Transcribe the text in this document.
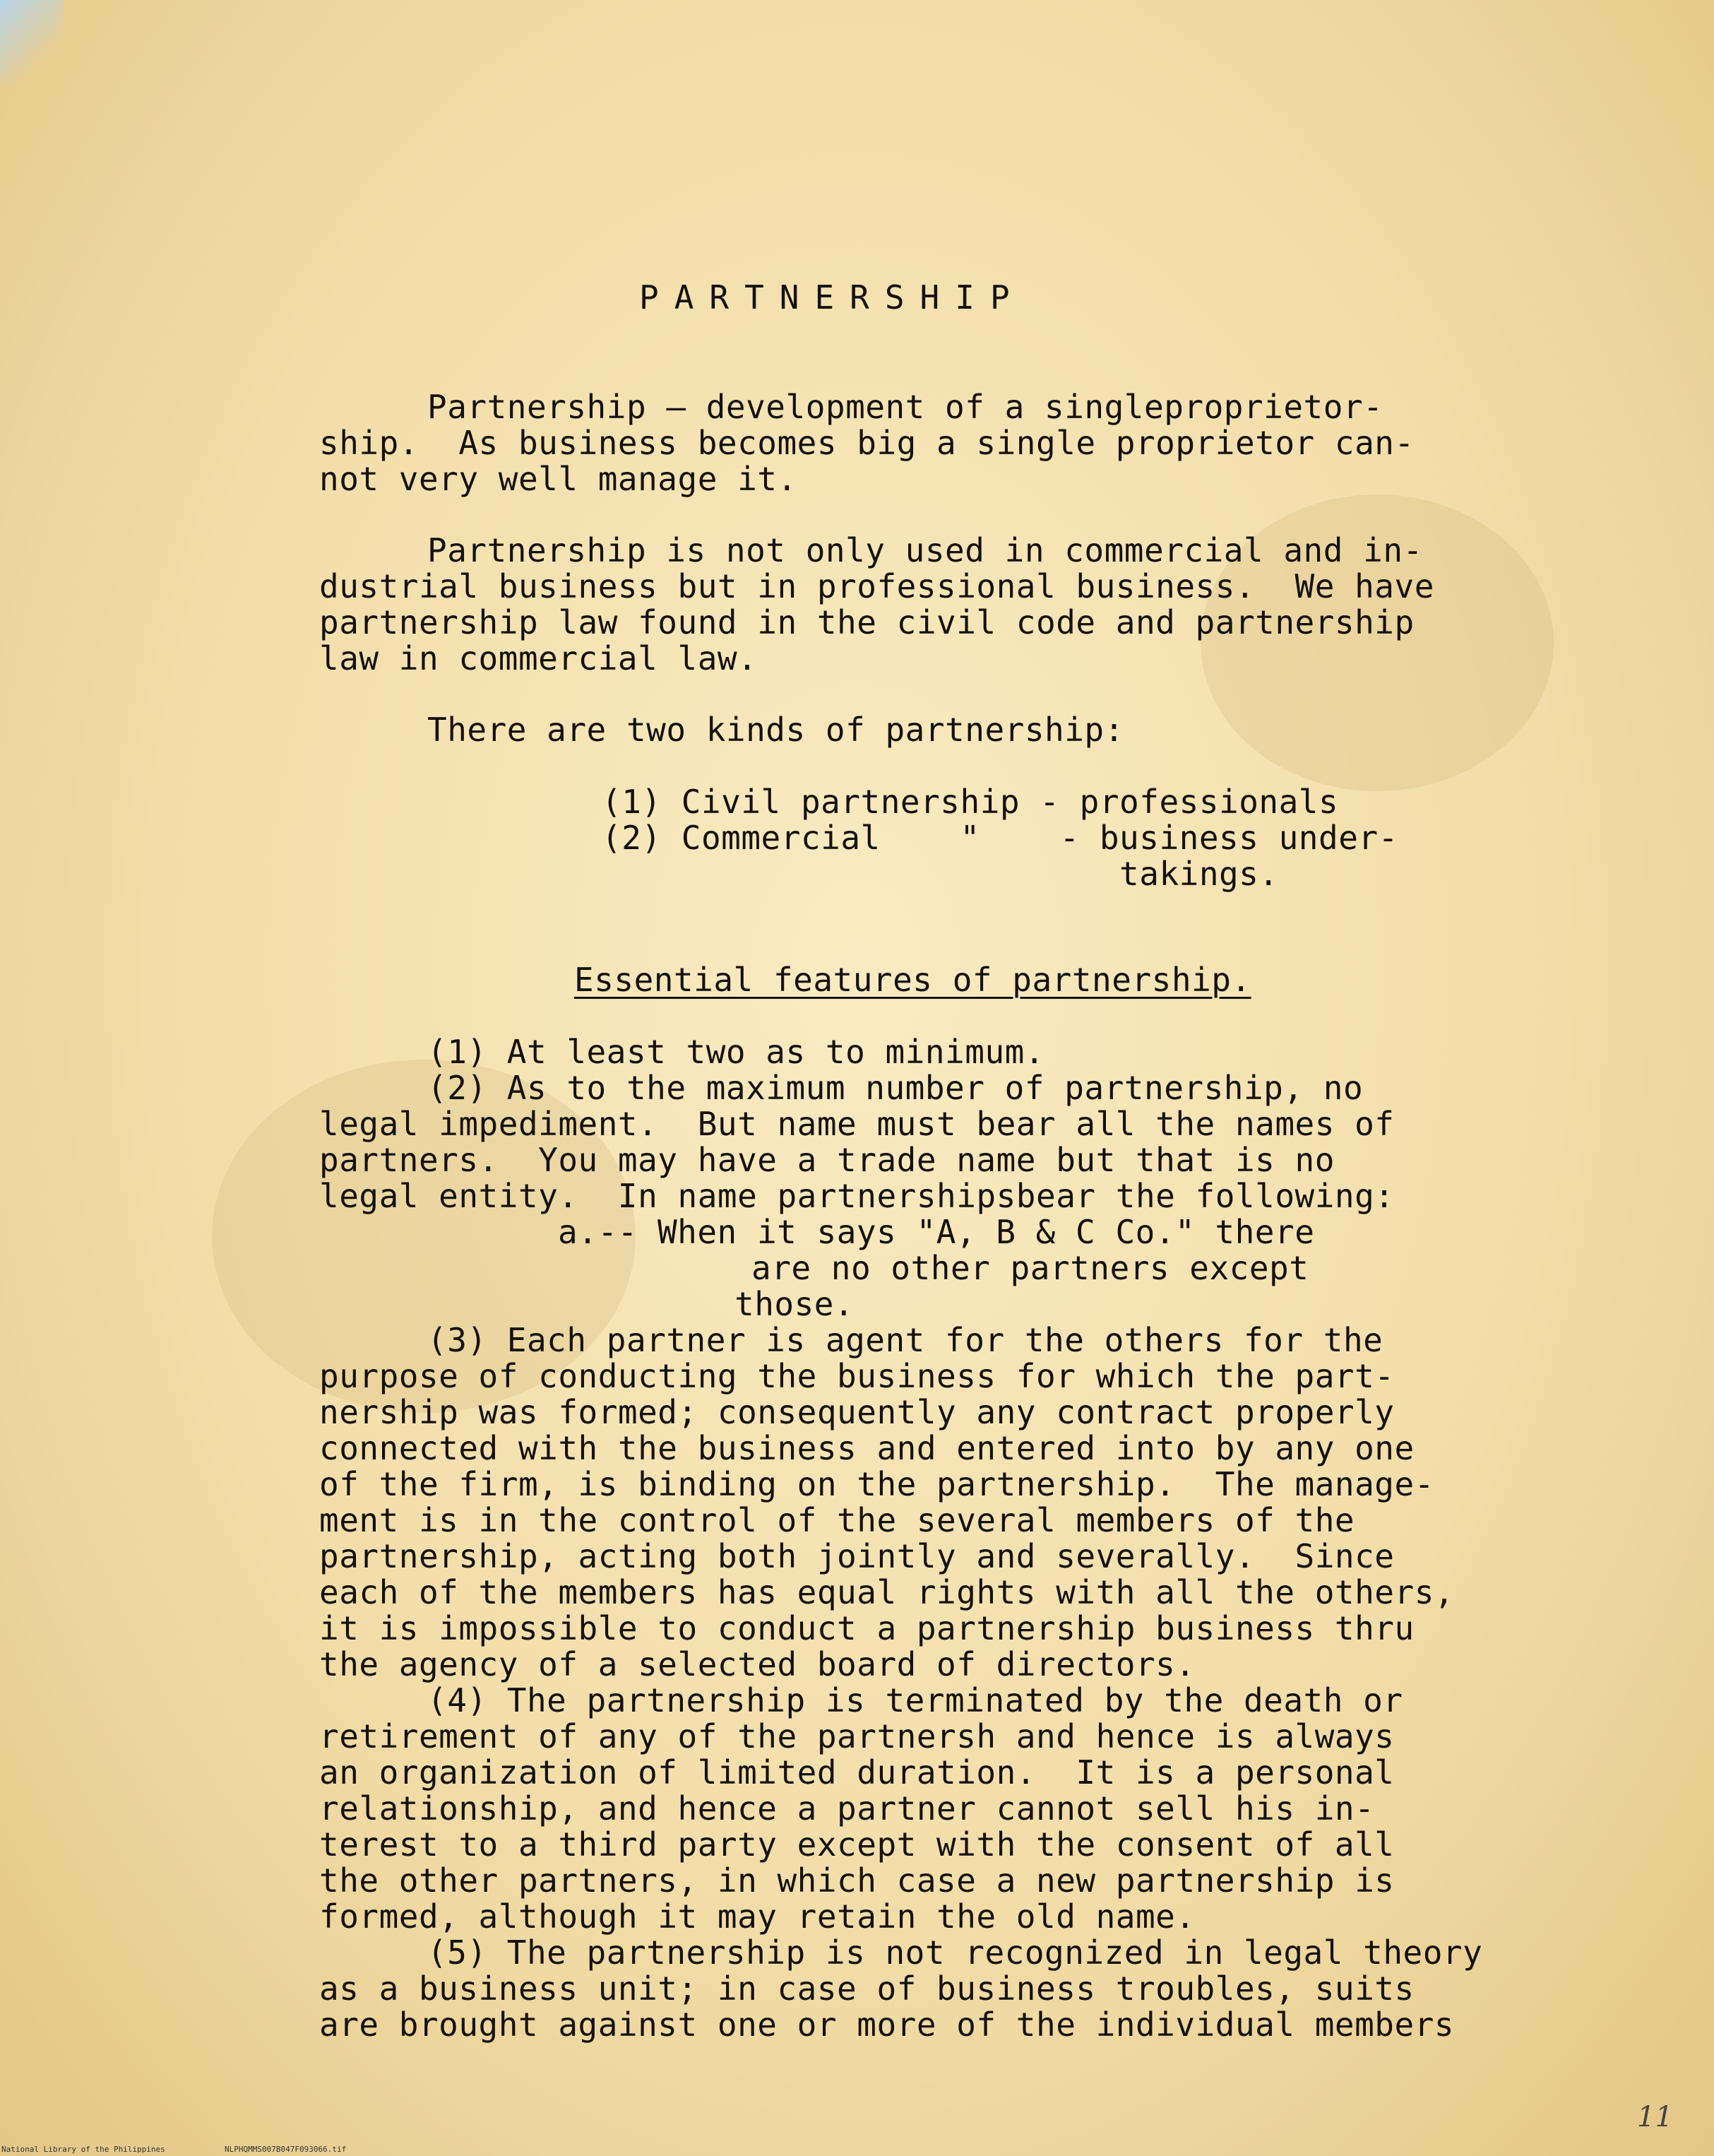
PARTNERSHIP
Partnership — development of a singleproprietor-
ship.  As business becomes big a single proprietor can-
not very well manage it.
Partnership is not only used in commercial and in-
dustrial business but in professional business.  We have
partnership law found in the civil code and partnership
law in commercial law.
There are two kinds of partnership:
(1) Civil partnership - professionals
(2) Commercial    "    - business under-
takings.
Essential features of partnership.
(1) At least two as to minimum.
(2) As to the maximum number of partnership, no
legal impediment.  But name must bear all the names of
partners.  You may have a trade name but that is no
legal entity.  In name partnershipsbear the following:
a.-- When it says "A, B & C Co." there
are no other partners except
those.
(3) Each partner is agent for the others for the
purpose of conducting the business for which the part-
nership was formed; consequently any contract properly
connected with the business and entered into by any one
of the firm, is binding on the partnership.  The manage-
ment is in the control of the several members of the
partnership, acting both jointly and severally.  Since
each of the members has equal rights with all the others,
it is impossible to conduct a partnership business thru
the agency of a selected board of directors.
(4) The partnership is terminated by the death or
retirement of any of the partnersh and hence is always
an organization of limited duration.  It is a personal
relationship, and hence a partner cannot sell his in-
terest to a third party except with the consent of all
the other partners, in which case a new partnership is
formed, although it may retain the old name.
(5) The partnership is not recognized in legal theory
as a business unit; in case of business troubles, suits
are brought against one or more of the individual members
11
National Library of the Philippines	NLPHQMMS007B047F093066.tif
